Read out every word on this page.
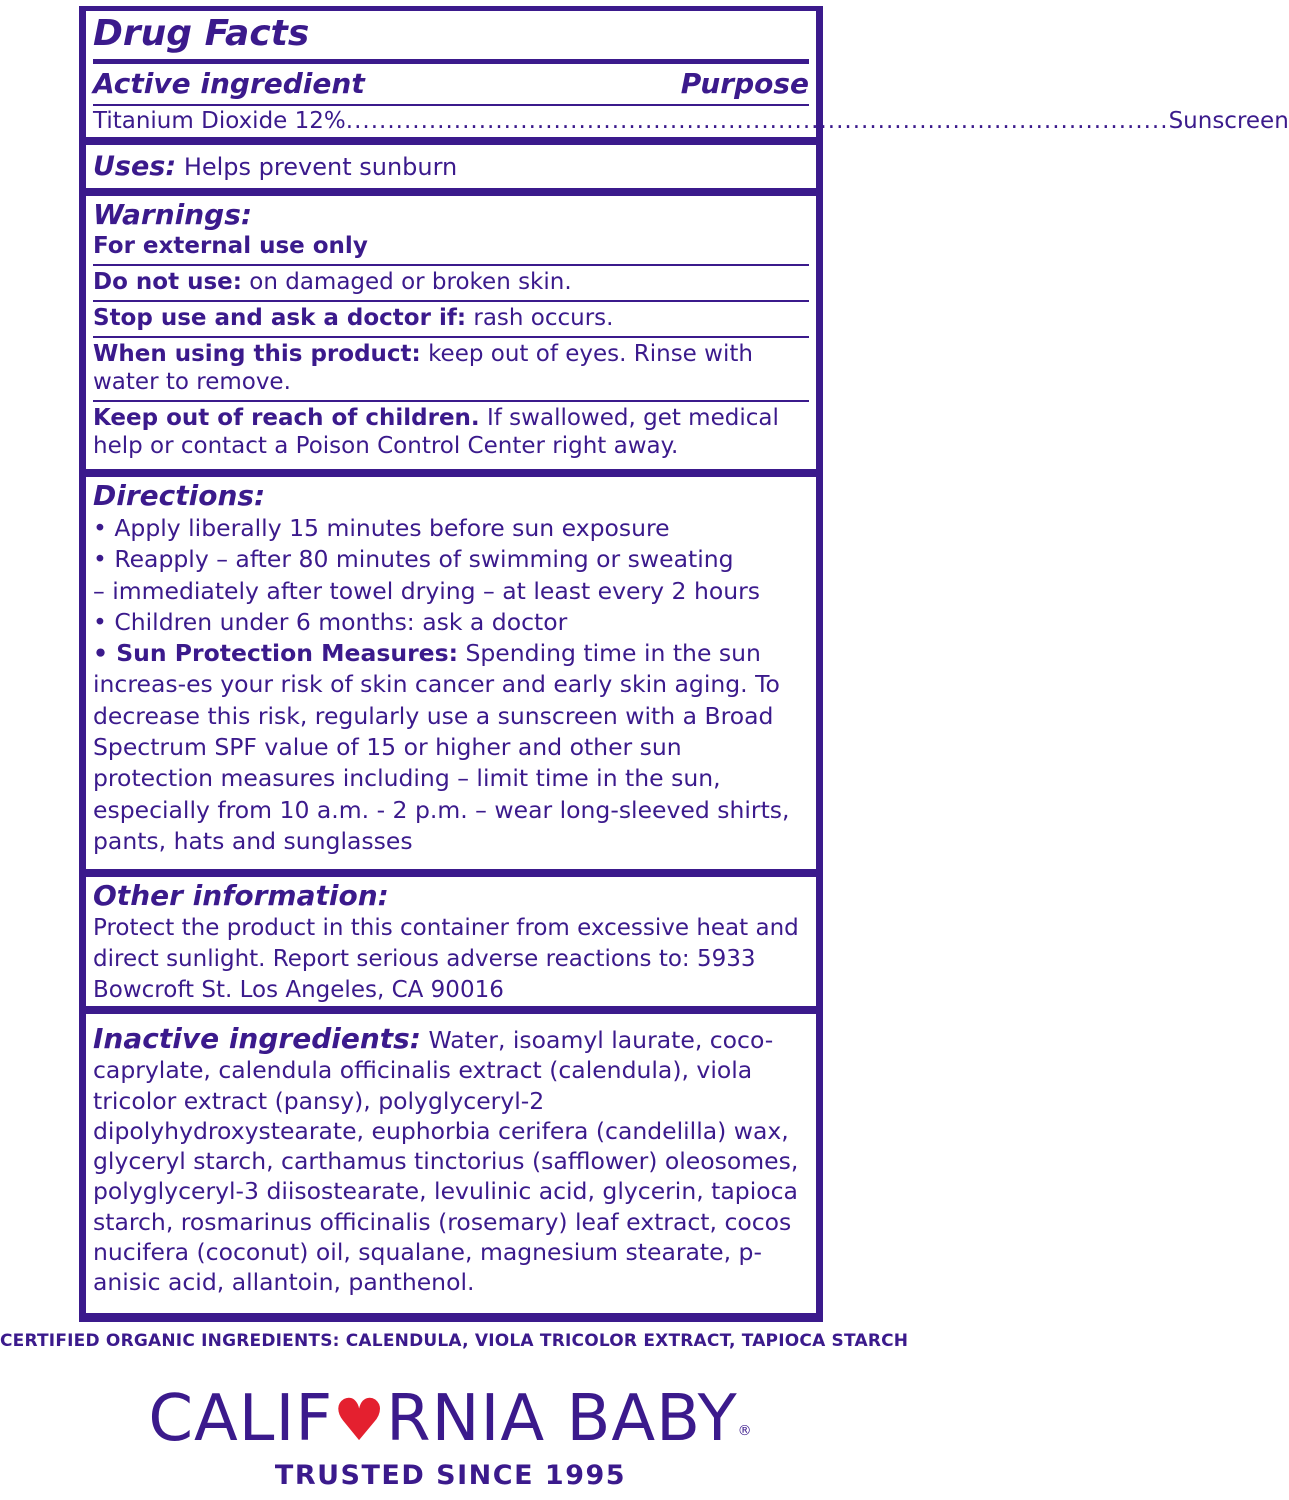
Drug Facts
Active ingredient	Purpose
Titanium Dioxide 12% ................................................................................................... Sunscreen
Uses: Helps prevent sunburn
Warnings:
For external use only
Do not use: on damaged or broken skin.
Stop use and ask a doctor if: rash occurs.
When using this product: keep out of eyes. Rinse with water to remove.
Keep out of reach of children. If swallowed, get medical help or contact a Poison Control Center right away.
Directions:
• Apply liberally 15 minutes before sun exposure
• Reapply – after 80 minutes of swimming or sweating
– immediately after towel drying – at least every 2 hours
• Children under 6 months: ask a doctor
• Sun Protection Measures: Spending time in the sun increas-es your risk of skin cancer and early skin aging. To decrease this risk, regularly use a sunscreen with a Broad Spectrum SPF value of 15 or higher and other sun protection measures including – limit time in the sun, especially from 10 a.m. - 2 p.m. – wear long-sleeved shirts, pants, hats and sunglasses
Other information:
Protect the product in this container from excessive heat and direct sunlight. Report serious adverse reactions to: 5933 Bowcroft St. Los Angeles, CA 90016
Inactive ingredients: Water, isoamyl laurate, coco-caprylate, calendula officinalis extract (calendula), viola tricolor extract (pansy), polyglyceryl-2 dipolyhydroxystearate, euphorbia cerifera (candelilla) wax, glyceryl starch, carthamus tinctorius (safflower) oleosomes, polyglyceryl-3 diisostearate, levulinic acid, glycerin, tapioca starch, rosmarinus officinalis (rosemary) leaf extract, cocos nucifera (coconut) oil, squalane, magnesium stearate, p-anisic acid, allantoin, panthenol.
CERTIFIED ORGANIC INGREDIENTS: CALENDULA, VIOLA TRICOLOR EXTRACT, TAPIOCA STARCH
CALIF♥RNIA BABY®
TRUSTED SINCE 1995
